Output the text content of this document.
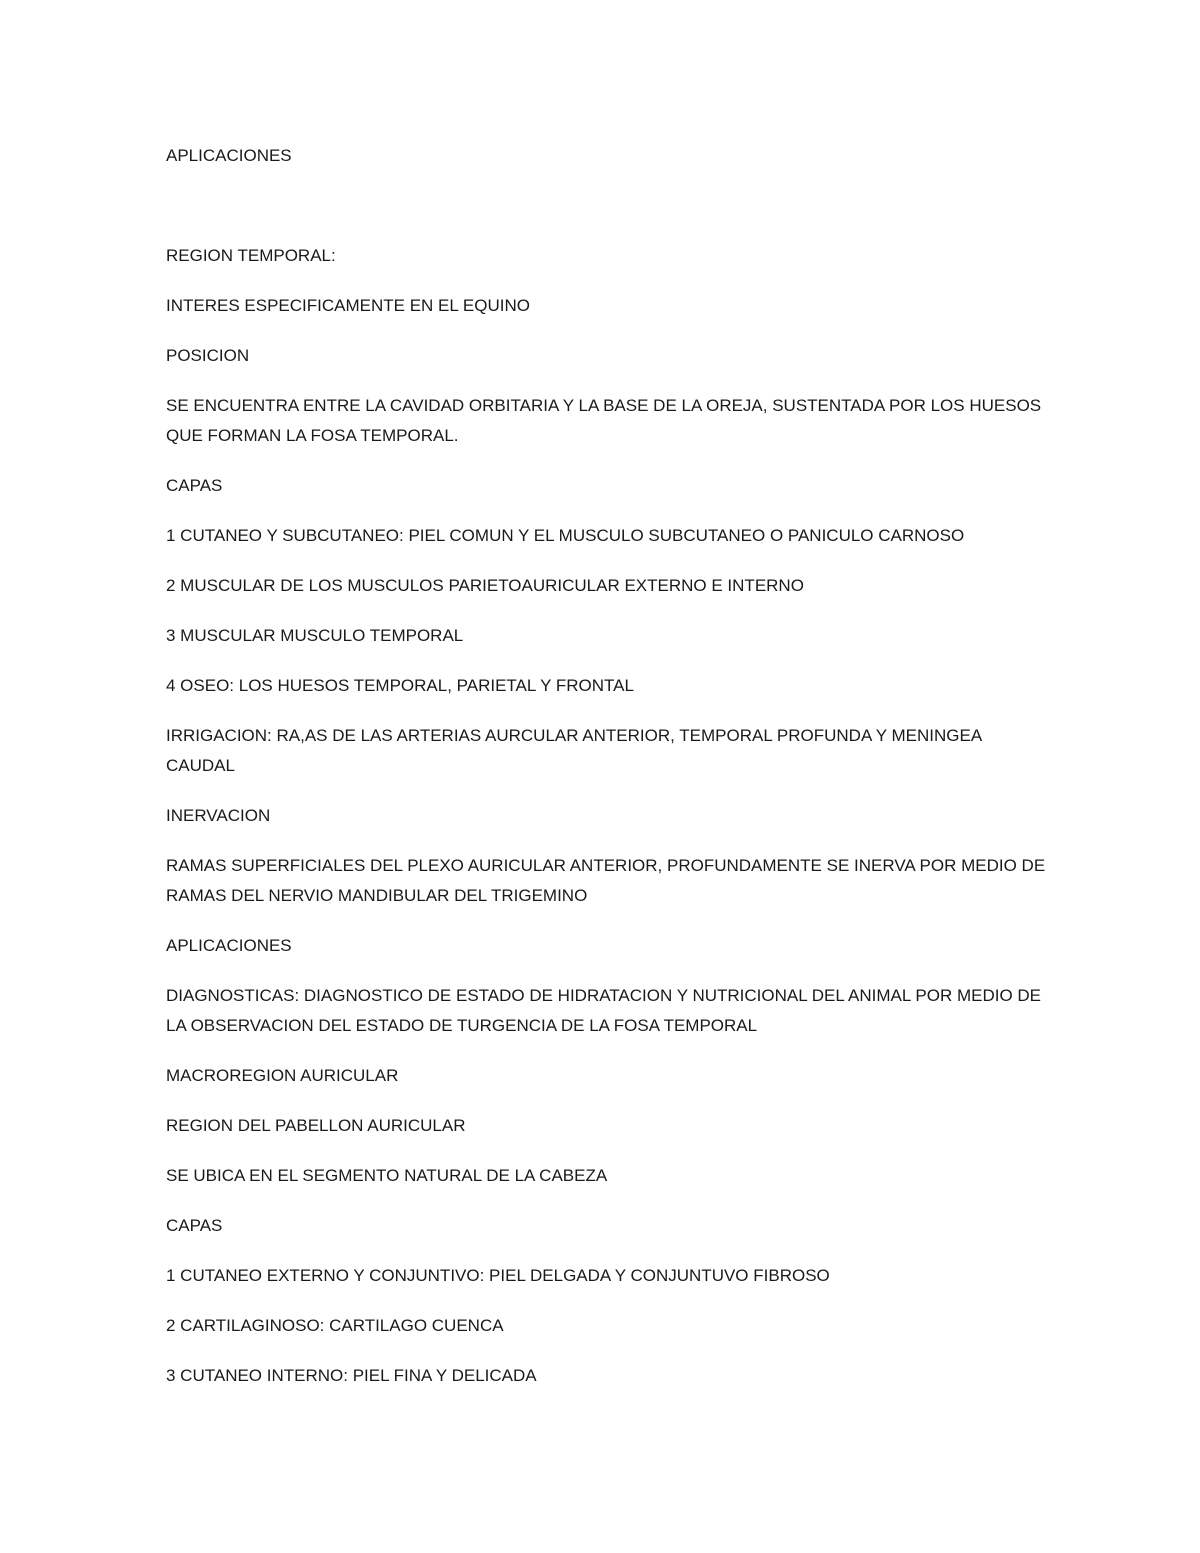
APLICACIONES

REGION TEMPORAL:

INTERES ESPECIFICAMENTE EN EL EQUINO

POSICION

SE ENCUENTRA ENTRE LA CAVIDAD ORBITARIA Y LA BASE DE LA OREJA, SUSTENTADA POR LOS HUESOS QUE FORMAN LA FOSA TEMPORAL.

CAPAS

1 CUTANEO Y SUBCUTANEO: PIEL COMUN Y EL MUSCULO SUBCUTANEO O PANICULO CARNOSO

2 MUSCULAR DE LOS MUSCULOS PARIETOAURICULAR EXTERNO E INTERNO

3 MUSCULAR MUSCULO TEMPORAL

4 OSEO: LOS HUESOS TEMPORAL, PARIETAL Y FRONTAL

IRRIGACION: RA,AS DE LAS ARTERIAS AURCULAR ANTERIOR, TEMPORAL PROFUNDA Y MENINGEA CAUDAL

INERVACION

RAMAS SUPERFICIALES DEL PLEXO AURICULAR ANTERIOR, PROFUNDAMENTE SE INERVA POR MEDIO DE RAMAS DEL NERVIO MANDIBULAR DEL TRIGEMINO

APLICACIONES

DIAGNOSTICAS: DIAGNOSTICO DE ESTADO DE HIDRATACION Y NUTRICIONAL DEL ANIMAL POR MEDIO DE LA OBSERVACION DEL ESTADO DE TURGENCIA DE LA FOSA TEMPORAL

MACROREGION AURICULAR

REGION DEL PABELLON AURICULAR

SE UBICA EN EL SEGMENTO NATURAL DE LA CABEZA

CAPAS

1 CUTANEO EXTERNO Y CONJUNTIVO: PIEL DELGADA Y CONJUNTUVO FIBROSO

2 CARTILAGINOSO: CARTILAGO CUENCA

3 CUTANEO INTERNO: PIEL FINA Y DELICADA
